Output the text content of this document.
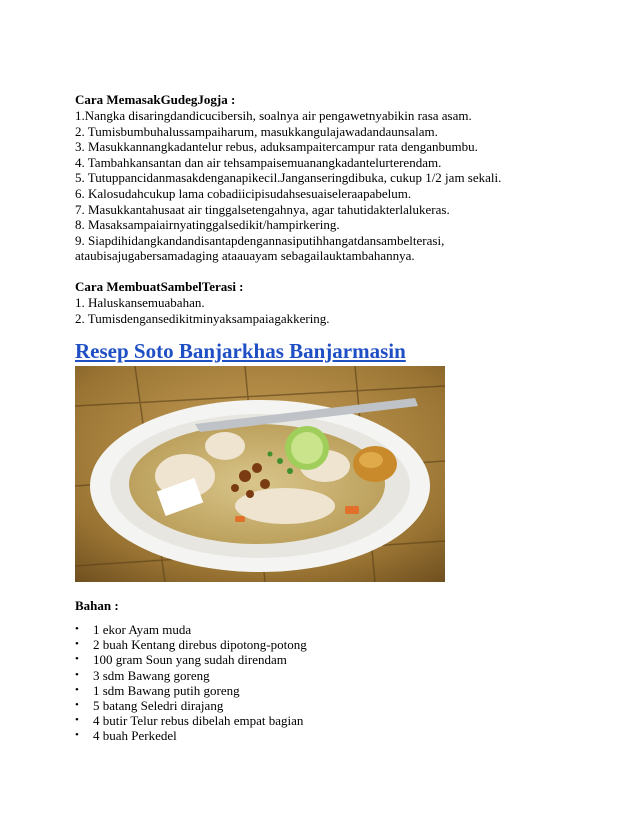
Cara MemasakGudegJogja :

1.Nangka disaringdandicucibersih, soalnya air pengawetnyabikin rasa asam.

2. Tumisbumbuhalussampaiharum, masukkangulajawadandaunsalam.

3. Masukkannangkadantelur rebus, aduksampaitercampur rata denganbumbu.

4. Tambahkansantan dan air tehsampaisemuanangkadantelurterendam.

5. Tutuppancidanmasakdenganapikecil.Janganseringdibuka, cukup 1/2 jam sekali.

6. Kalosudahcukup lama cobadiicipisudahsesuaiseleraapabelum.

7. Masukkantahusaat air tinggalsetengahnya, agar tahutidakterlalukeras.

8. Masaksampaiairnyatinggalsedikit/hampirkering.

9. Siapdihidangkandandisantapdengannasiputihhangatdansambelterasi,

ataubisajugabersamadaging ataauayam sebagailauktambahannya.

Cara MembuatSambelTerasi :

1. Haluskansemuabahan.

2. Tumisdengansedikitminyaksampaiagakkering.

Resep Soto Banjarkhas Banjarmasin

Bahan :
•	1 ekor Ayam muda
•	2 buah Kentang direbus dipotong-potong
•	100 gram Soun yang sudah direndam
•	3 sdm Bawang goreng
•	1 sdm Bawang putih goreng
•	5 batang Seledri dirajang
•	4 butir Telur rebus dibelah empat bagian
•	4 buah Perkedel
